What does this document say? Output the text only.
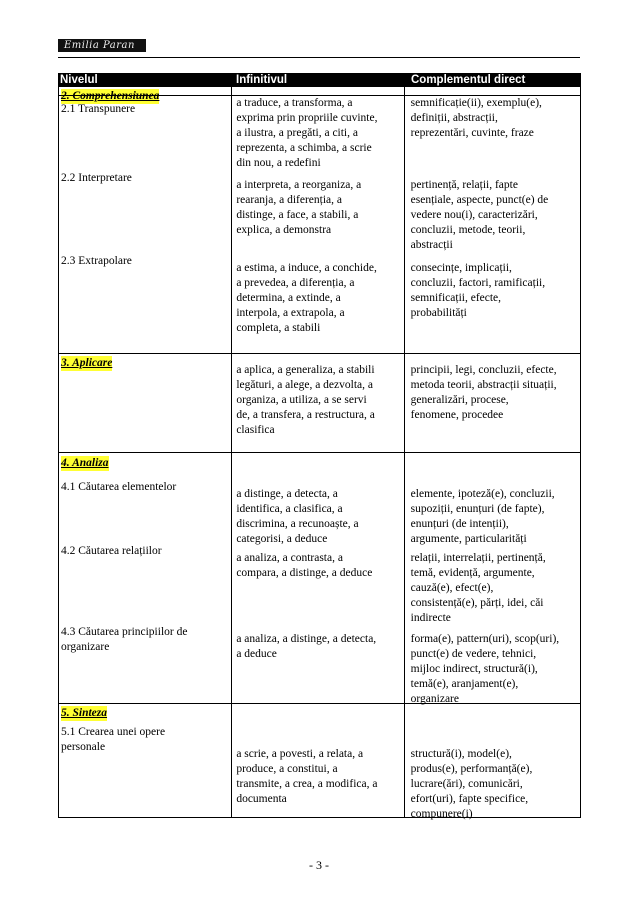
Emilia Paran
Nivelul	Infinitivul	Complementul direct
2. Comprehensiunea
2.1 Transpunere
2.2 Interpretare
2.3 Extrapolare
a traduce, a transforma, a
exprima prin propriile cuvinte,
a ilustra, a pregăti, a citi, a
reprezenta, a schimba, a scrie
din nou, a redefini
a interpreta, a reorganiza, a
rearanja, a diferenția, a
distinge, a face, a stabili, a
explica, a demonstra
a estima, a induce, a conchide,
a prevedea, a diferenția, a
determina, a extinde, a
interpola, a extrapola, a
completa, a stabili
semnificație(ii), exemplu(e),
definiții, abstracții,
reprezentări, cuvinte, fraze
pertinență, relații, fapte
esențiale, aspecte, punct(e) de
vedere nou(i), caracterizări,
concluzii, metode, teorii,
abstracții
consecințe, implicații,
concluzii, factori, ramificații,
semnificații, efecte,
probabilități
3. Aplicare
a aplica, a generaliza, a stabili
legături, a alege, a dezvolta, a
organiza, a utiliza, a se servi
de, a transfera, a restructura, a
clasifica
principii, legi, concluzii, efecte,
metoda teorii, abstracții situații,
generalizări, procese,
fenomene, procedee
4. Analiza
4.1 Căutarea elementelor
4.2 Căutarea relațiilor
4.3 Căutarea principiilor de
organizare
a distinge, a detecta, a
identifica, a clasifica, a
discrimina, a recunoaște, a
categorisi, a deduce
a analiza, a contrasta, a
compara, a distinge, a deduce
a analiza, a distinge, a detecta,
a deduce
elemente, ipoteză(e), concluzii,
supoziții, enunțuri (de fapte),
enunțuri (de intenții),
argumente, particularități
relații, interrelații, pertinență,
temă, evidență, argumente,
cauză(e), efect(e),
consistență(e), părți, idei, căi
indirecte
forma(e), pattern(uri), scop(uri),
punct(e) de vedere, tehnici,
mijloc indirect, structură(i),
temă(e), aranjament(e),
organizare
5. Sinteza
5.1 Crearea unei opere
personale
a scrie, a povesti, a relata, a
produce, a constitui, a
transmite, a crea, a modifica, a
documenta
structură(i), model(e),
produs(e), performanță(e),
lucrare(ări), comunicări,
efort(uri), fapte specifice,
compunere(i)
- 3 -
